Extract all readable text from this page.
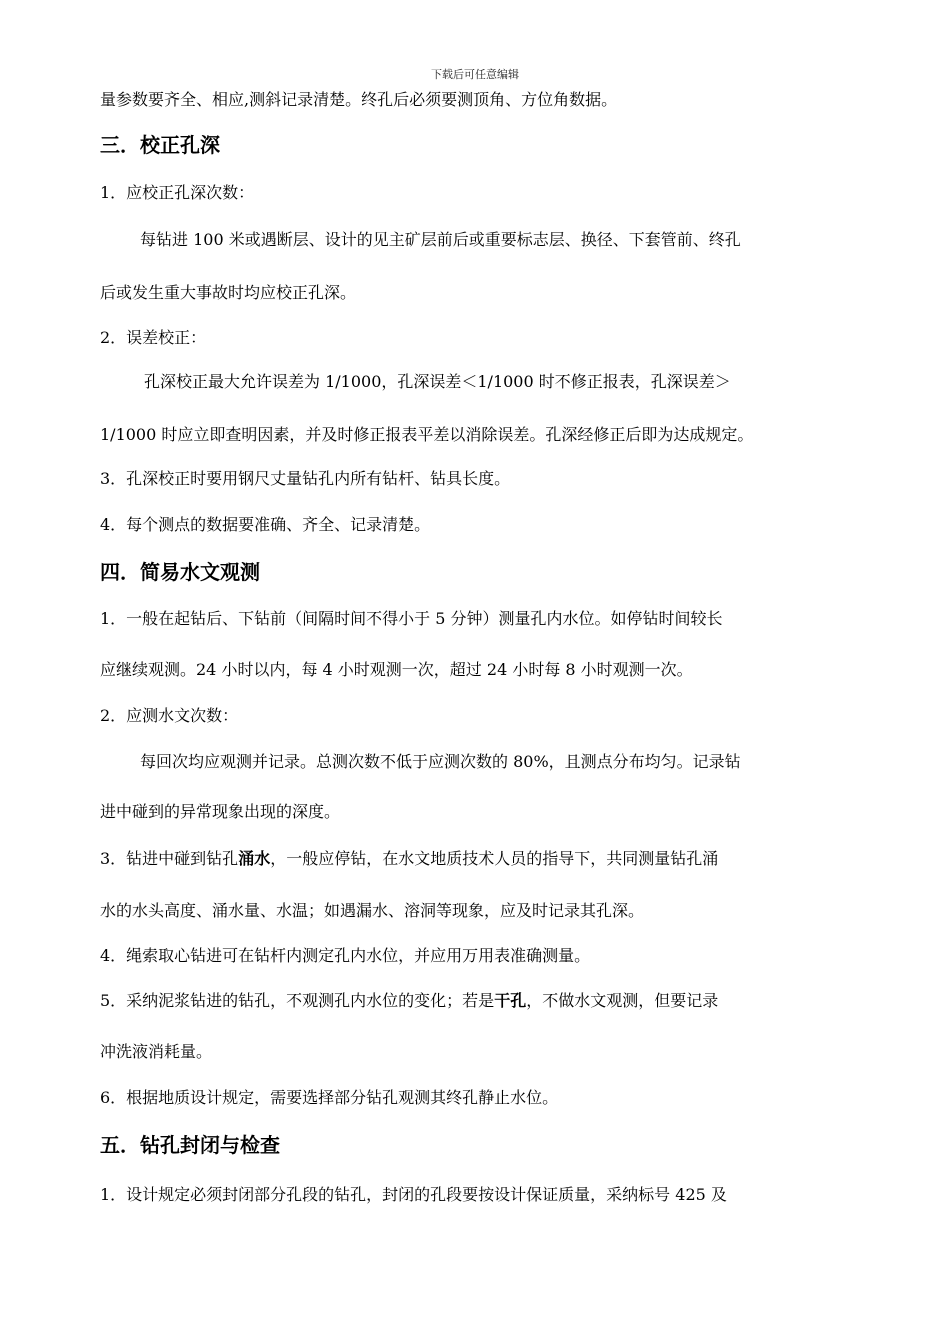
下载后可任意编辑
量参数要齐全、相应,测斜记录清楚。终孔后必须要测顶角、方位角数据。
三．校正孔深
1．应校正孔深次数：
每钻进 100 米或遇断层、设计的见主矿层前后或重要标志层、换径、下套管前、终孔
后或发生重大事故时均应校正孔深。
2．误差校正：
孔深校正最大允许误差为 1/1000，孔深误差＜1/1000 时不修正报表，孔深误差＞
1/1000 时应立即查明因素，并及时修正报表平差以消除误差。孔深经修正后即为达成规定。
3．孔深校正时要用钢尺丈量钻孔内所有钻杆、钻具长度。
4．每个测点的数据要准确、齐全、记录清楚。
四．简易水文观测
1．一般在起钻后、下钻前（间隔时间不得小于 5 分钟）测量孔内水位。如停钻时间较长
应继续观测。24 小时以内，每 4 小时观测一次，超过 24 小时每 8 小时观测一次。
2．应测水文次数：
每回次均应观测并记录。总测次数不低于应测次数的 80%，且测点分布均匀。记录钻
进中碰到的异常现象出现的深度。
3．钻进中碰到钻孔涌水，一般应停钻，在水文地质技术人员的指导下，共同测量钻孔涌
水的水头高度、涌水量、水温；如遇漏水、溶洞等现象，应及时记录其孔深。
4．绳索取心钻进可在钻杆内测定孔内水位，并应用万用表准确测量。
5．采纳泥浆钻进的钻孔，不观测孔内水位的变化；若是干孔，不做水文观测，但要记录
冲洗液消耗量。
6．根据地质设计规定，需要选择部分钻孔观测其终孔静止水位。
五．钻孔封闭与检查
1．设计规定必须封闭部分孔段的钻孔，封闭的孔段要按设计保证质量，采纳标号 425 及
